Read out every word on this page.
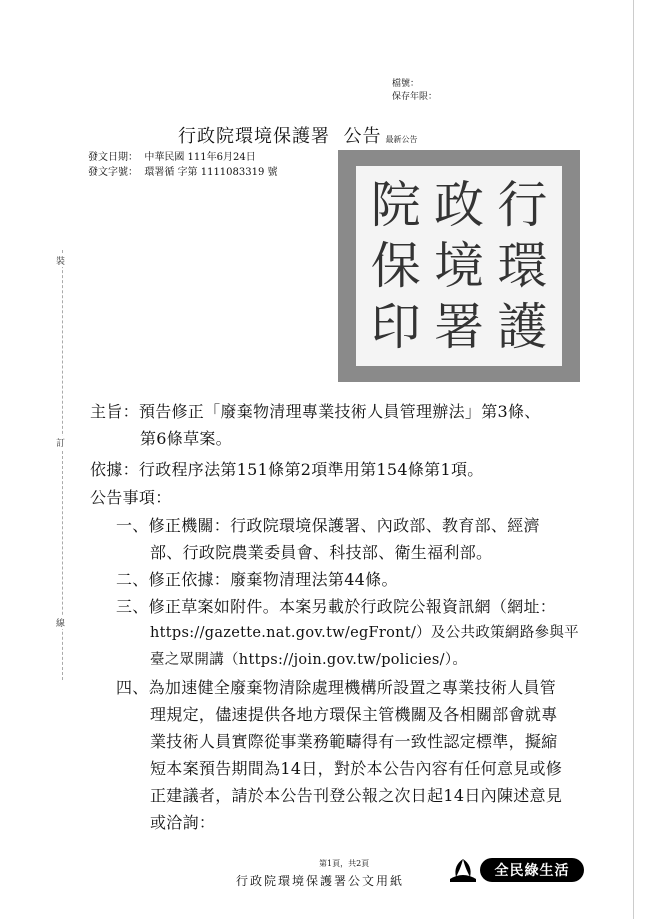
裝
訂
線
檔號：
保存年限：
行政院環境保護署  公告 最新公告
發文日期：  中華民國 111年6月24日
發文字號：  環署循 字第 1111083319 號
行
政
院
環
境
保
護
署
印
主旨：預告修正「廢棄物清理專業技術人員管理辦法」第3條、
第6條草案。
依據：行政程序法第151條第2項準用第154條第1項。
公告事項：
一、修正機關：行政院環境保護署、內政部、教育部、經濟
部、行政院農業委員會、科技部、衛生福利部。
二、修正依據：廢棄物清理法第44條。
三、修正草案如附件。本案另載於行政院公報資訊網（網址：
https://gazette.nat.gov.tw/egFront/）及公共政策網路參與平
臺之眾開講（https://join.gov.tw/policies/）。
四、為加速健全廢棄物清除處理機構所設置之專業技術人員管
理規定，儘速提供各地方環保主管機關及各相關部會就專
業技術人員實際從事業務範疇得有一致性認定標準，擬縮
短本案預告期間為14日，對於本公告內容有任何意見或修
正建議者，請於本公告刊登公報之次日起14日內陳述意見
或洽詢：
第1頁，共2頁
行政院環境保護署公文用紙
全民綠生活
